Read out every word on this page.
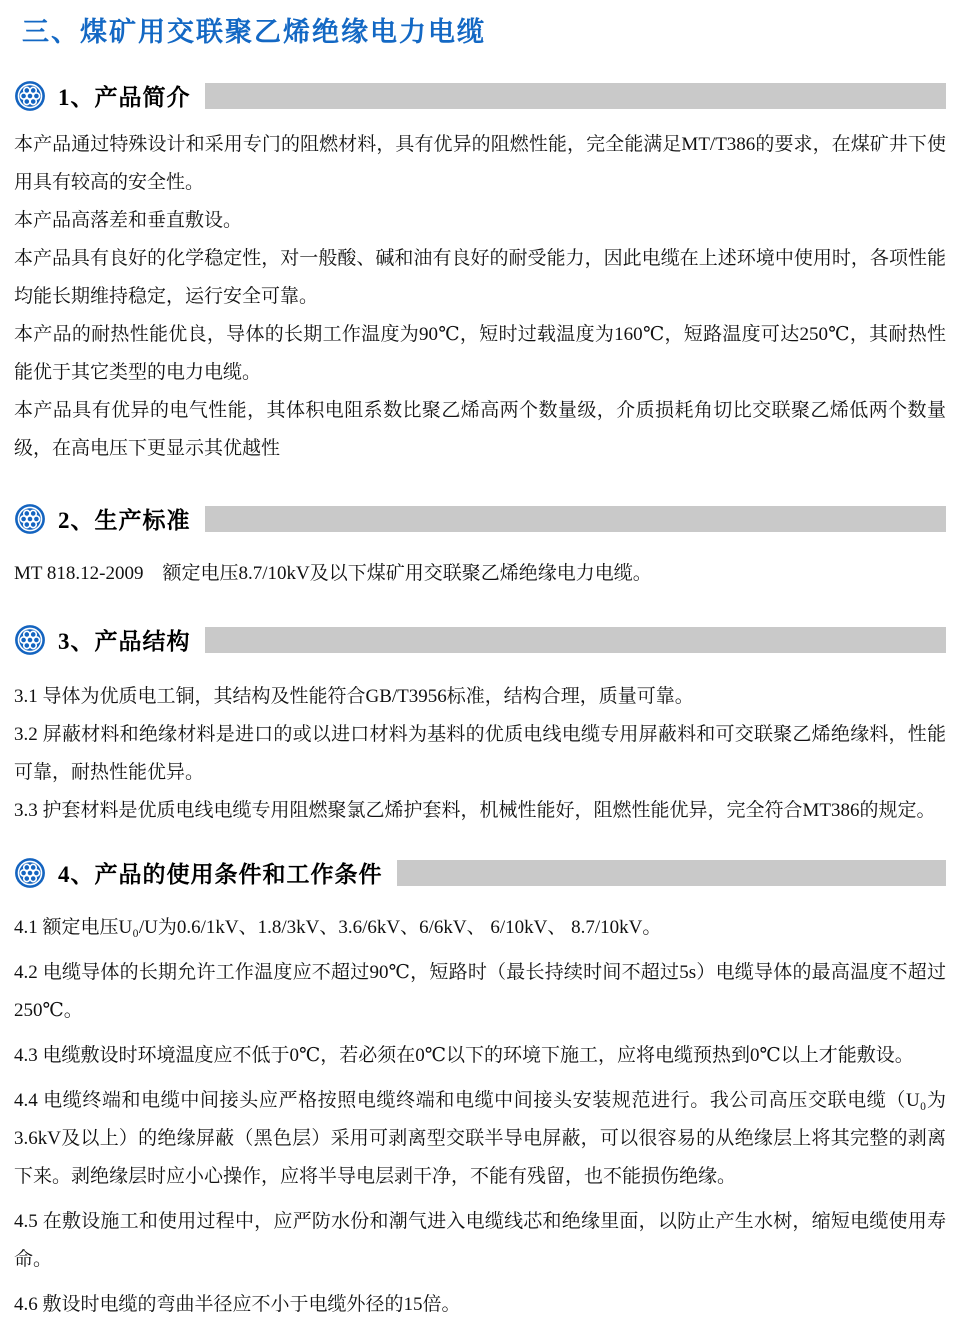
三、煤矿用交联聚乙烯绝缘电力电缆
1、产品简介

本产品通过特殊设计和采用专门的阻燃材料，具有优异的阻燃性能，完全能满足MT/T386的要求，在煤矿井下使用具有较高的安全性。

本产品高落差和垂直敷设。

本产品具有良好的化学稳定性，对一般酸、碱和油有良好的耐受能力，因此电缆在上述环境中使用时，各项性能均能长期维持稳定，运行安全可靠。

本产品的耐热性能优良，导体的长期工作温度为90℃，短时过载温度为160℃，短路温度可达250℃，其耐热性能优于其它类型的电力电缆。

本产品具有优异的电气性能，其体积电阻系数比聚乙烯高两个数量级，介质损耗角切比交联聚乙烯低两个数量级，在高电压下更显示其优越性

2、生产标准

MT 818.12-2009　额定电压8.7/10kV及以下煤矿用交联聚乙烯绝缘电力电缆。

3、产品结构

3.1 导体为优质电工铜，其结构及性能符合GB/T3956标准，结构合理，质量可靠。

3.2 屏蔽材料和绝缘材料是进口的或以进口材料为基料的优质电线电缆专用屏蔽料和可交联聚乙烯绝缘料，性能可靠，耐热性能优异。

3.3 护套材料是优质电线电缆专用阻燃聚氯乙烯护套料，机械性能好，阻燃性能优异，完全符合MT386的规定。

4、产品的使用条件和工作条件

4.1 额定电压U₀/U为0.6/1kV、1.8/3kV、3.6/6kV、6/6kV、 6/10kV、 8.7/10kV。

4.2 电缆导体的长期允许工作温度应不超过90℃，短路时（最长持续时间不超过5s）电缆导体的最高温度不超过250℃。

4.3 电缆敷设时环境温度应不低于0℃，若必须在0℃以下的环境下施工，应将电缆预热到0℃以上才能敷设。

4.4 电缆终端和电缆中间接头应严格按照电缆终端和电缆中间接头安装规范进行。我公司高压交联电缆（U₀为3.6kV及以上）的绝缘屏蔽（黑色层）采用可剥离型交联半导电屏蔽，可以很容易的从绝缘层上将其完整的剥离下来。剥绝缘层时应小心操作，应将半导电层剥干净，不能有残留，也不能损伤绝缘。

4.5 在敷设施工和使用过程中，应严防水份和潮气进入电缆线芯和绝缘里面，以防止产生水树，缩短电缆使用寿命。

4.6 敷设时电缆的弯曲半径应不小于电缆外径的15倍。
